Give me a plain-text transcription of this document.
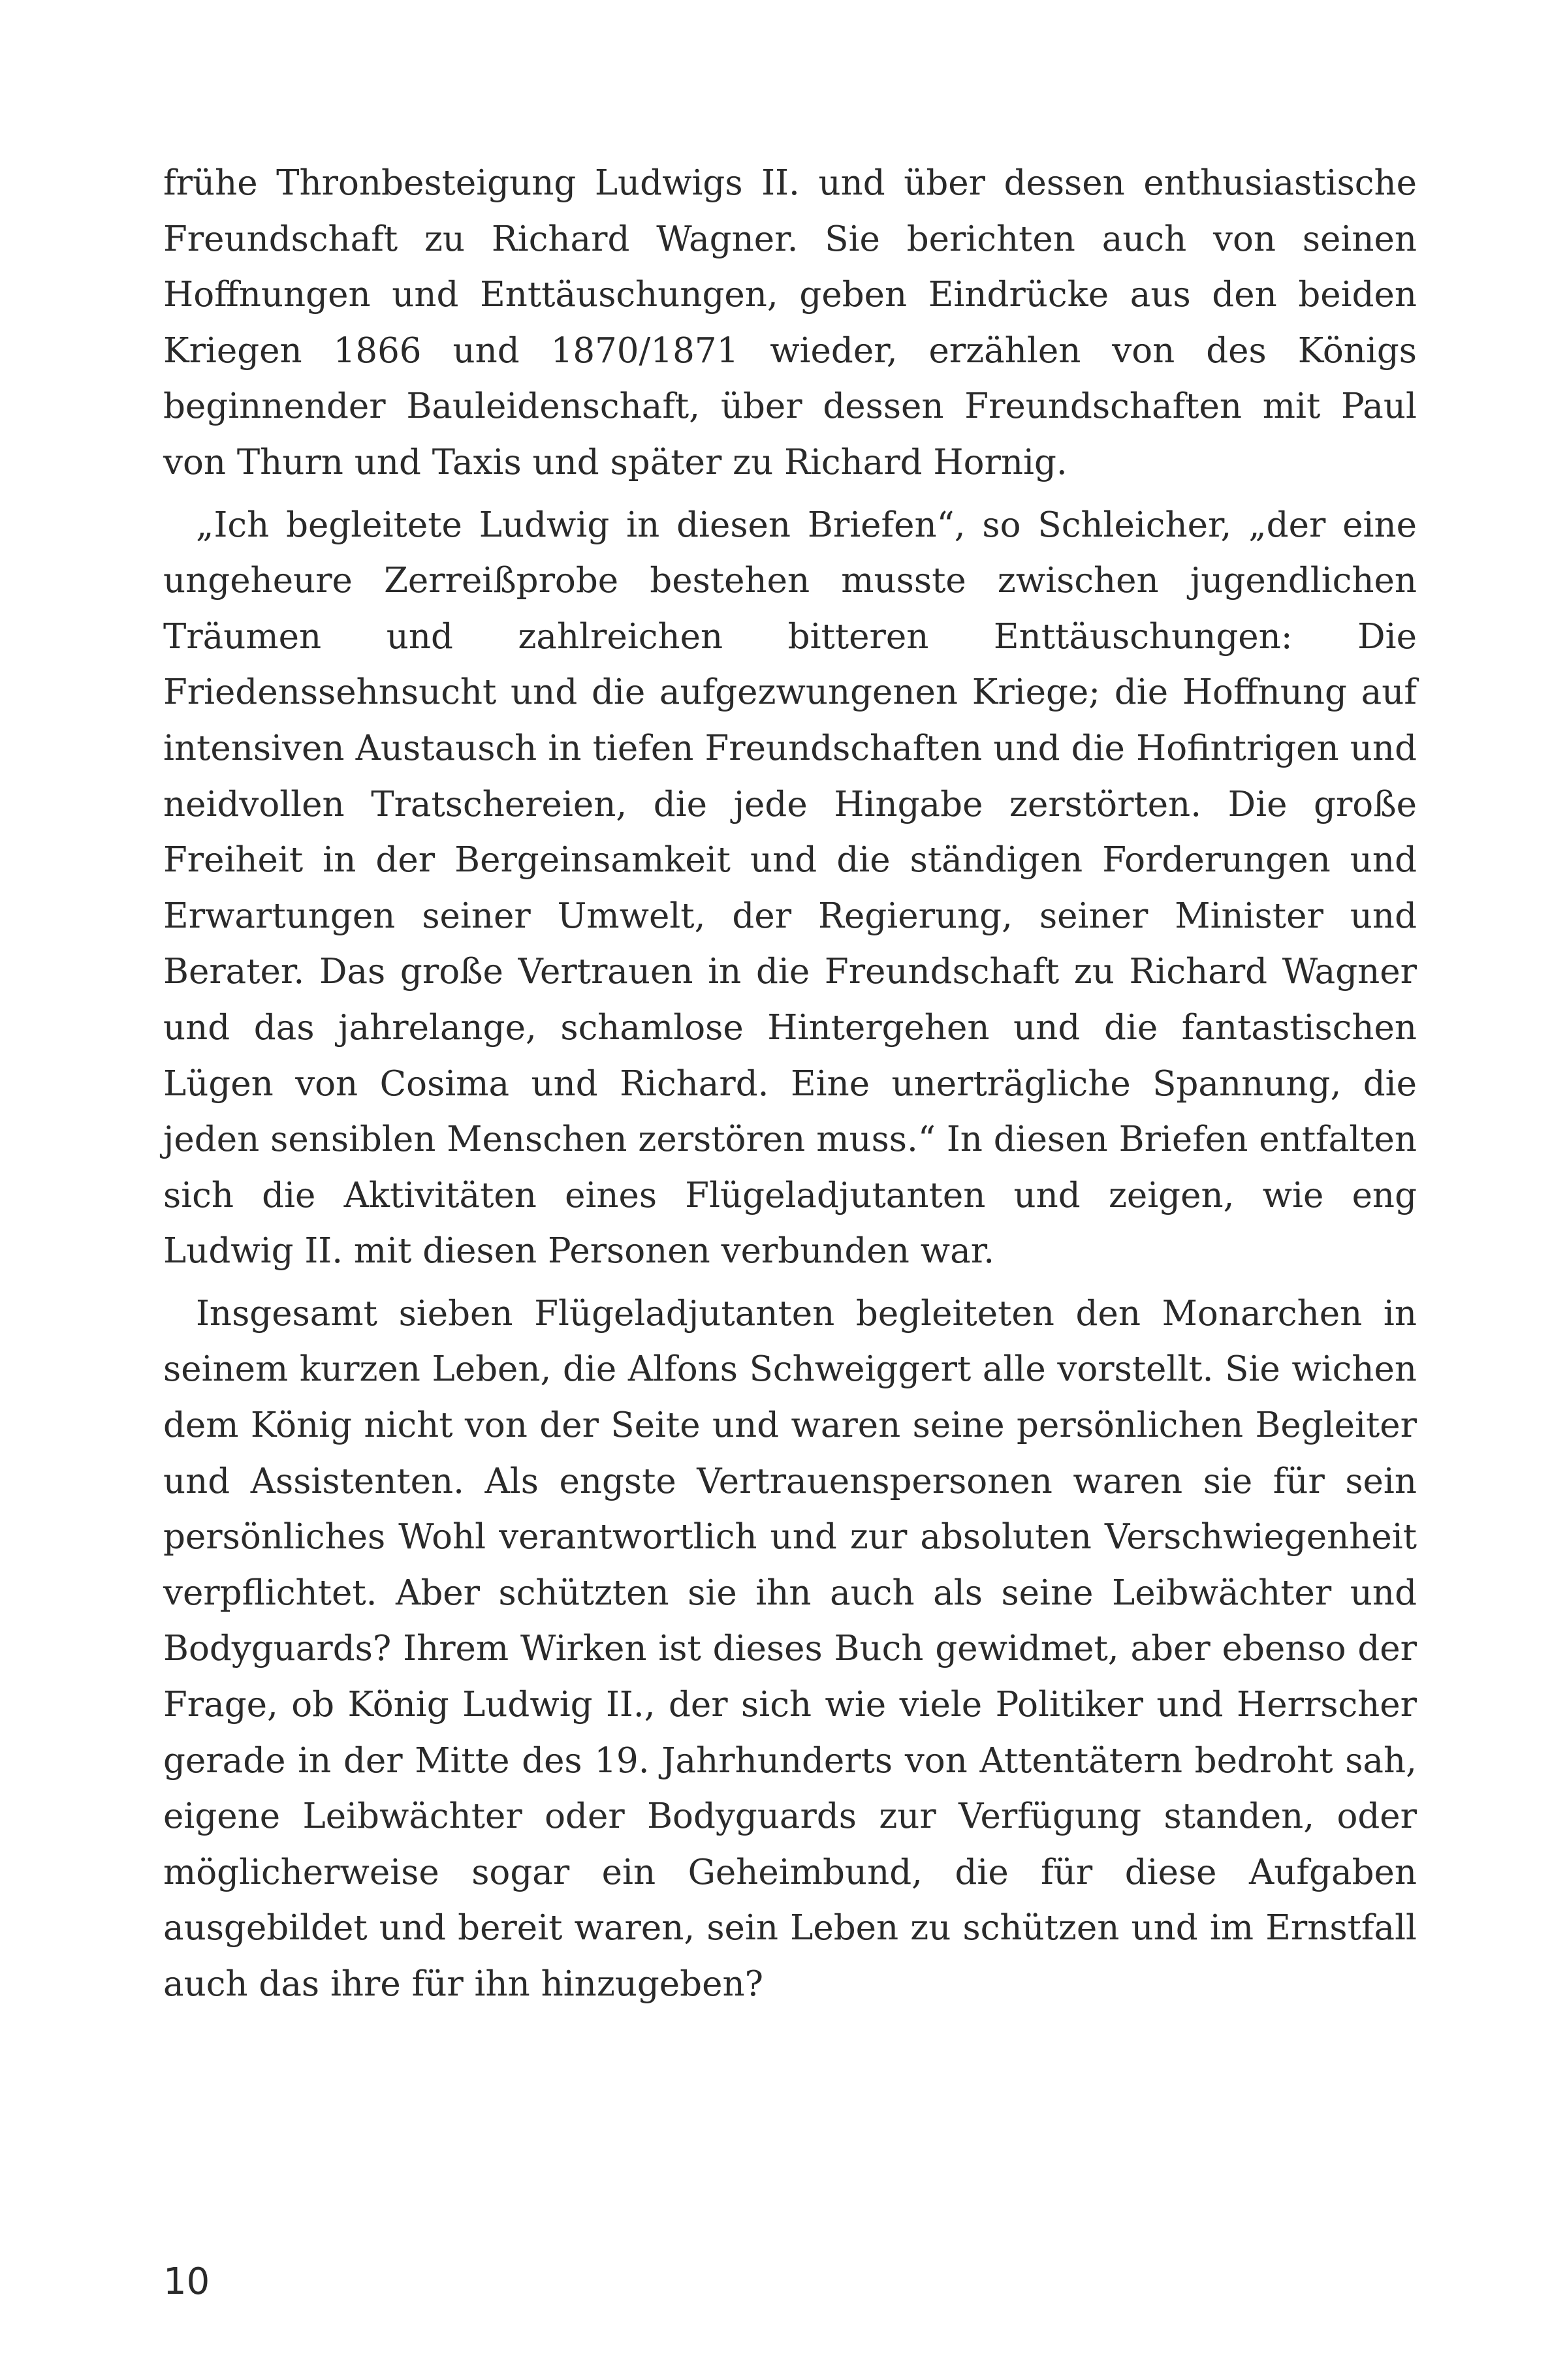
frühe Thronbesteigung Ludwigs II. und über dessen enthusiastische Freundschaft zu Richard Wagner. Sie berichten auch von seinen Hoffnungen und Enttäuschungen, geben Eindrücke aus den beiden Kriegen 1866 und 1870/1871 wieder, erzählen von des Königs beginnender Bauleidenschaft, über dessen Freundschaften mit Paul von Thurn und Taxis und später zu Richard Hornig.

„Ich begleitete Ludwig in diesen Briefen“, so Schleicher, „der eine ungeheure Zerreißprobe bestehen musste zwischen jugendlichen Träumen und zahlreichen bitteren Enttäuschungen: Die Friedenssehnsucht und die aufgezwungenen Kriege; die Hoffnung auf intensiven Austausch in tiefen Freundschaften und die Hofintrigen und neidvollen Tratschereien, die jede Hingabe zerstörten. Die große Freiheit in der Bergeinsamkeit und die ständigen Forderungen und Erwartungen seiner Umwelt, der Regierung, seiner Minister und Berater. Das große Vertrauen in die Freundschaft zu Richard Wagner und das jahrelange, schamlose Hintergehen und die fantastischen Lügen von Cosima und Richard. Eine unerträgliche Spannung, die jeden sensiblen Menschen zerstören muss.“ In diesen Briefen entfalten sich die Aktivitäten eines Flügeladjutanten und zeigen, wie eng Ludwig II. mit diesen Personen verbunden war.

Insgesamt sieben Flügeladjutanten begleiteten den Monarchen in seinem kurzen Leben, die Alfons Schweiggert alle vorstellt. Sie wichen dem König nicht von der Seite und waren seine persönlichen Begleiter und Assistenten. Als engste Vertrauenspersonen waren sie für sein persönliches Wohl verantwortlich und zur absoluten Verschwiegenheit verpflichtet. Aber schützten sie ihn auch als seine Leibwächter und Bodyguards? Ihrem Wirken ist dieses Buch gewidmet, aber ebenso der Frage, ob König Ludwig II., der sich wie viele Politiker und Herrscher gerade in der Mitte des 19. Jahrhunderts von Attentätern bedroht sah, eigene Leibwächter oder Bodyguards zur Verfügung standen, oder möglicherweise sogar ein Geheimbund, die für diese Aufgaben ausgebildet und bereit waren, sein Leben zu schützen und im Ernstfall auch das ihre für ihn hinzugeben?

10
